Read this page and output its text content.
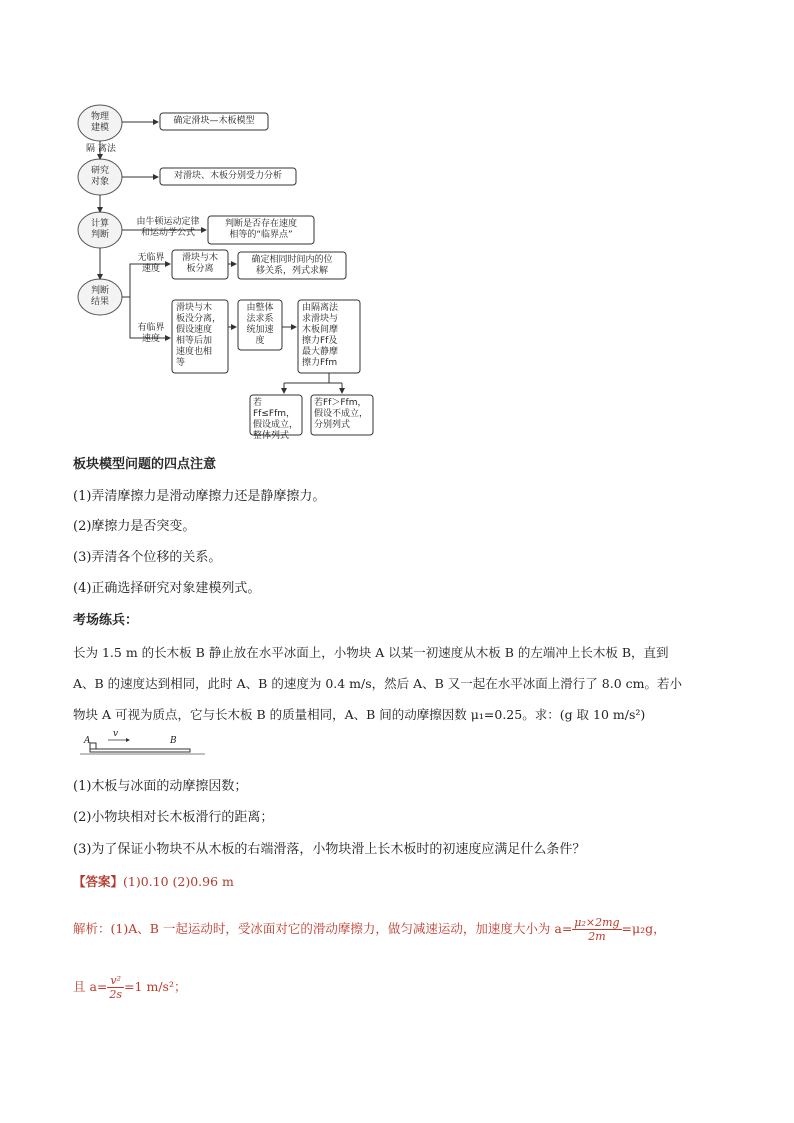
物理
建模
研究
对象
计算
判断
判断
结果
确定滑块—木板模型
对滑块、木板分别受力分析
判断是否存在速度
相等的“临界点”
滑块与木
板分离
确定相同时间内的位
移关系，列式求解
滑块与木
板没分离，
假设速度
相等后加
速度也相
等
由整体
法求系
统加速
度
由隔离法
求滑块与
木板间摩
擦力Ff及
最大静摩
擦力Ffm
若Ff≤Ffm，
假设成立，
整体列式
若Ff＞Ffm，
假设不成立，
分别列式
隔 离法
由牛顿运动定律
和运动学公式
无临界
速度
有临界
速度
板块模型问题的四点注意
(1)弄清摩擦力是滑动摩擦力还是静摩擦力。
(2)摩擦力是否突变。
(3)弄清各个位移的关系。
(4)正确选择研究对象建模列式。
考场练兵：
长为 1.5 m 的长木板 B 静止放在水平冰面上，小物块 A 以某一初速度从木板 B 的左端冲上长木板 B，直到
A、B 的速度达到相同，此时 A、B 的速度为 0.4 m/s，然后 A、B 又一起在水平冰面上滑行了 8.0 cm。若小
物块 A 可视为质点，它与长木板 B 的质量相同，A、B 间的动摩擦因数 μ₁=0.25。求：(g 取 10 m/s²)
A
v
B
(1)木板与冰面的动摩擦因数；
(2)小物块相对长木板滑行的距离；
(3)为了保证小物块不从木板的右端滑落，小物块滑上长木板时的初速度应满足什么条件？
【答案】(1)0.10 (2)0.96 m
解析：(1)A、B 一起运动时，受冰面对它的滑动摩擦力，做匀减速运动，加速度大小为 $a= \frac{\text{μ₂×2mg}}{2m} =\mu_2g$，
且 $a= \frac{\text{v²}}{2s} =1$ m/s²；
